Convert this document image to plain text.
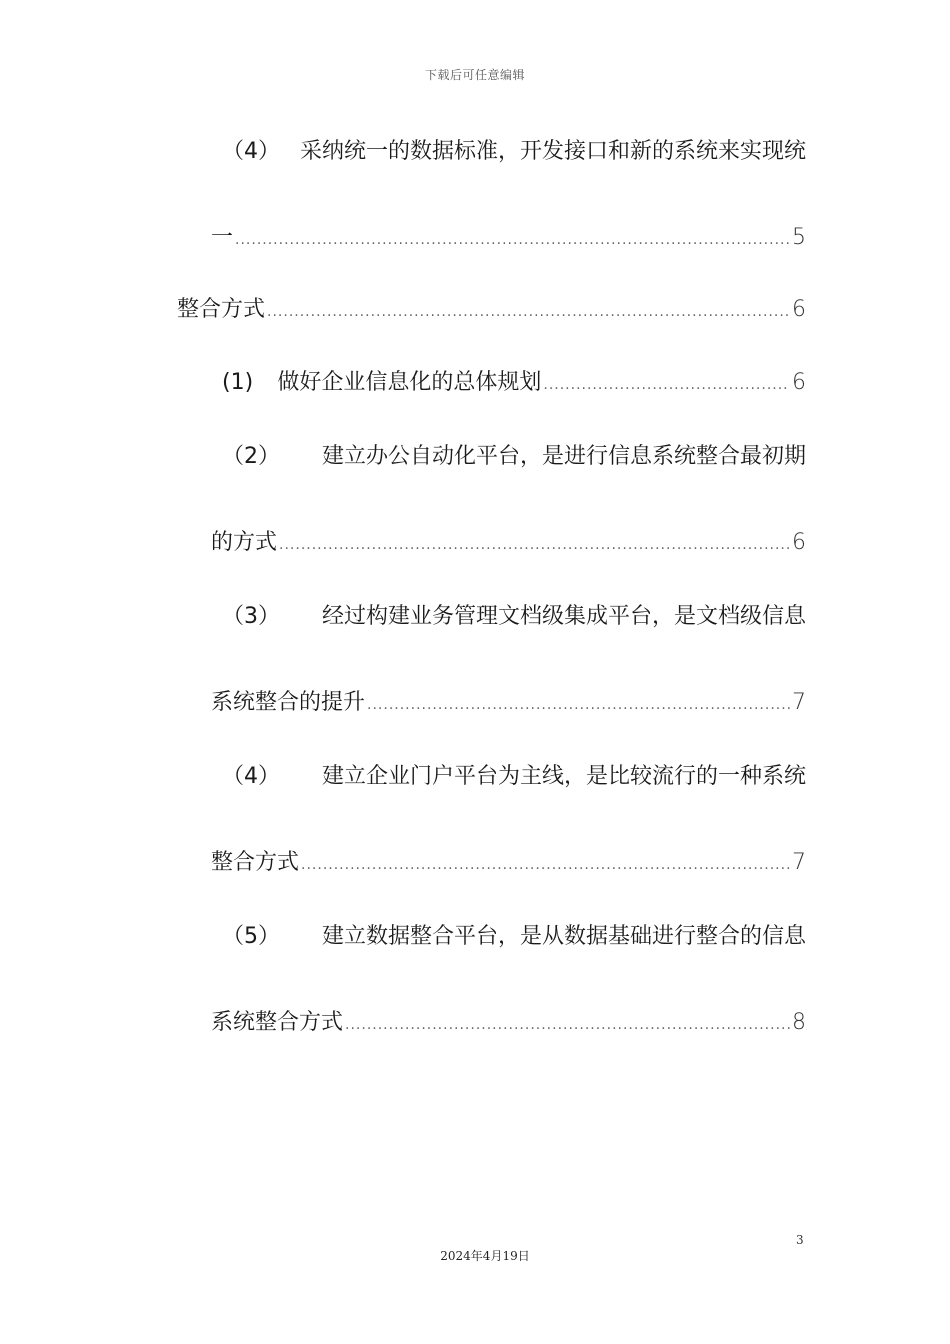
下载后可任意编辑
（4） 采纳统一的数据标准，开发接口和新的系统来实现统
一 .....	5
整合方式 .....	6
(1) 做好企业信息化的总体规划 .....	6
（2） 建立办公自动化平台，是进行信息系统整合最初期
的方式 .....	6
（3） 经过构建业务管理文档级集成平台，是文档级信息
系统整合的提升 .....	7
（4） 建立企业门户平台为主线，是比较流行的一种系统
整合方式 .....	7
（5） 建立数据整合平台，是从数据基础进行整合的信息
系统整合方式 .....	8
3
2024年4月19日
